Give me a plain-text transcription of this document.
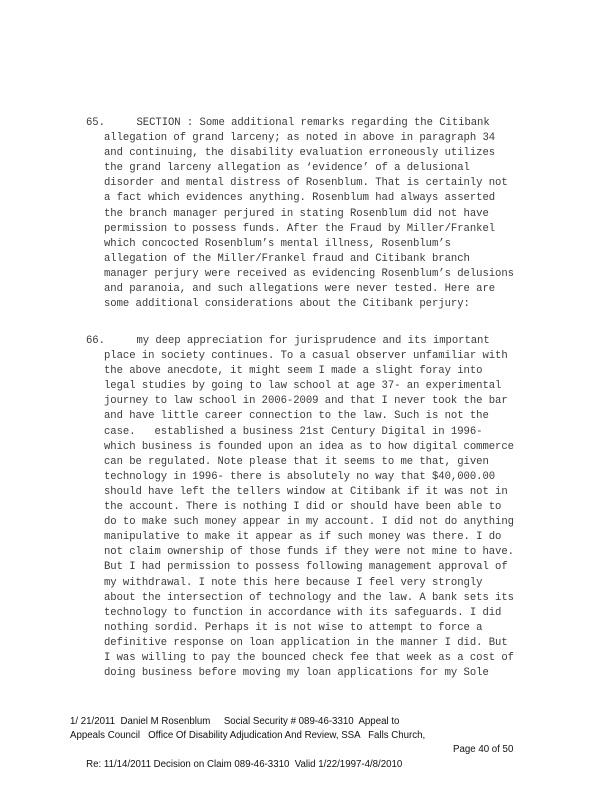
65.     SECTION : Some additional remarks regarding the Citibank
allegation of grand larceny; as noted in above in paragraph 34
and continuing, the disability evaluation erroneously utilizes
the grand larceny allegation as ‘evidence’ of a delusional
disorder and mental distress of Rosenblum. That is certainly not
a fact which evidences anything. Rosenblum had always asserted
the branch manager perjured in stating Rosenblum did not have
permission to possess funds. After the Fraud by Miller/Frankel
which concocted Rosenblum’s mental illness, Rosenblum’s
allegation of the Miller/Frankel fraud and Citibank branch
manager perjury were received as evidencing Rosenblum’s delusions
and paranoia, and such allegations were never tested. Here are
some additional considerations about the Citibank perjury:
66.     my deep appreciation for jurisprudence and its important
place in society continues. To a casual observer unfamiliar with
the above anecdote, it might seem I made a slight foray into
legal studies by going to law school at age 37- an experimental
journey to law school in 2006-2009 and that I never took the bar
and have little career connection to the law. Such is not the
case.   established a business 21st Century Digital in 1996-
which business is founded upon an idea as to how digital commerce
can be regulated. Note please that it seems to me that, given
technology in 1996- there is absolutely no way that $40,000.00
should have left the tellers window at Citibank if it was not in
the account. There is nothing I did or should have been able to
do to make such money appear in my account. I did not do anything
manipulative to make it appear as if such money was there. I do
not claim ownership of those funds if they were not mine to have.
But I had permission to possess following management approval of
my withdrawal. I note this here because I feel very strongly
about the intersection of technology and the law. A bank sets its
technology to function in accordance with its safeguards. I did
nothing sordid. Perhaps it is not wise to attempt to force a
definitive response on loan application in the manner I did. But
I was willing to pay the bounced check fee that week as a cost of
doing business before moving my loan applications for my Sole
1/ 21/2011  Daniel M Rosenblum     Social Security # 089-46-3310  Appeal to
Appeals Council   Office Of Disability Adjudication And Review, SSA   Falls Church,

Re: 11/14/2011 Decision on Claim 089-46-3310  Valid 1/22/1997-4/8/2010

Page 40 of 50
